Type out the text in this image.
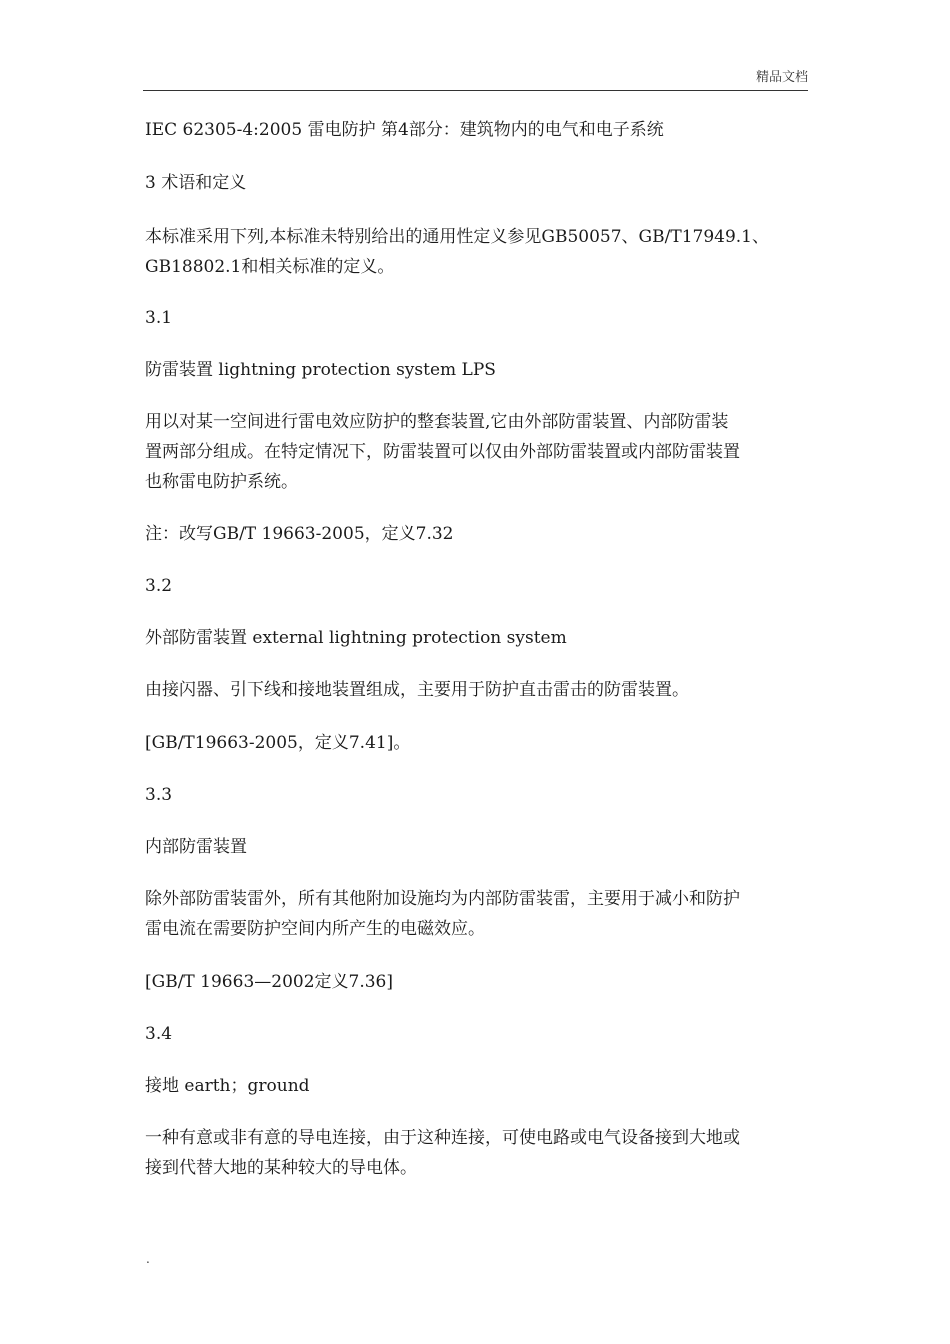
精品文档
IEC 62305-4:2005 雷电防护 第4部分：建筑物内的电气和电子系统
3 术语和定义
本标准采用下列,本标准未特别给出的通用性定义参见GB50057、GB/T17949.1、
GB18802.1和相关标准的定义。
3.1
防雷装置 lightning protection system LPS
用以对某一空间进行雷电效应防护的整套装置,它由外部防雷装置、内部防雷装
置两部分组成。在特定情况下，防雷装置可以仅由外部防雷装置或内部防雷装置
也称雷电防护系统。
注：改写GB/T 19663-2005，定义7.32
3.2
外部防雷装置 external lightning protection system
由接闪器、引下线和接地装置组成，主要用于防护直击雷击的防雷装置。
[GB/T19663-2005，定义7.41]。
3.3
内部防雷装置
除外部防雷装雷外，所有其他附加设施均为内部防雷装雷，主要用于减小和防护
雷电流在需要防护空间内所产生的电磁效应。
[GB/T 19663—2002定义7.36]
3.4
接地 earth；ground
一种有意或非有意的导电连接，由于这种连接，可使电路或电气设备接到大地或
接到代替大地的某种较大的导电体。
.
